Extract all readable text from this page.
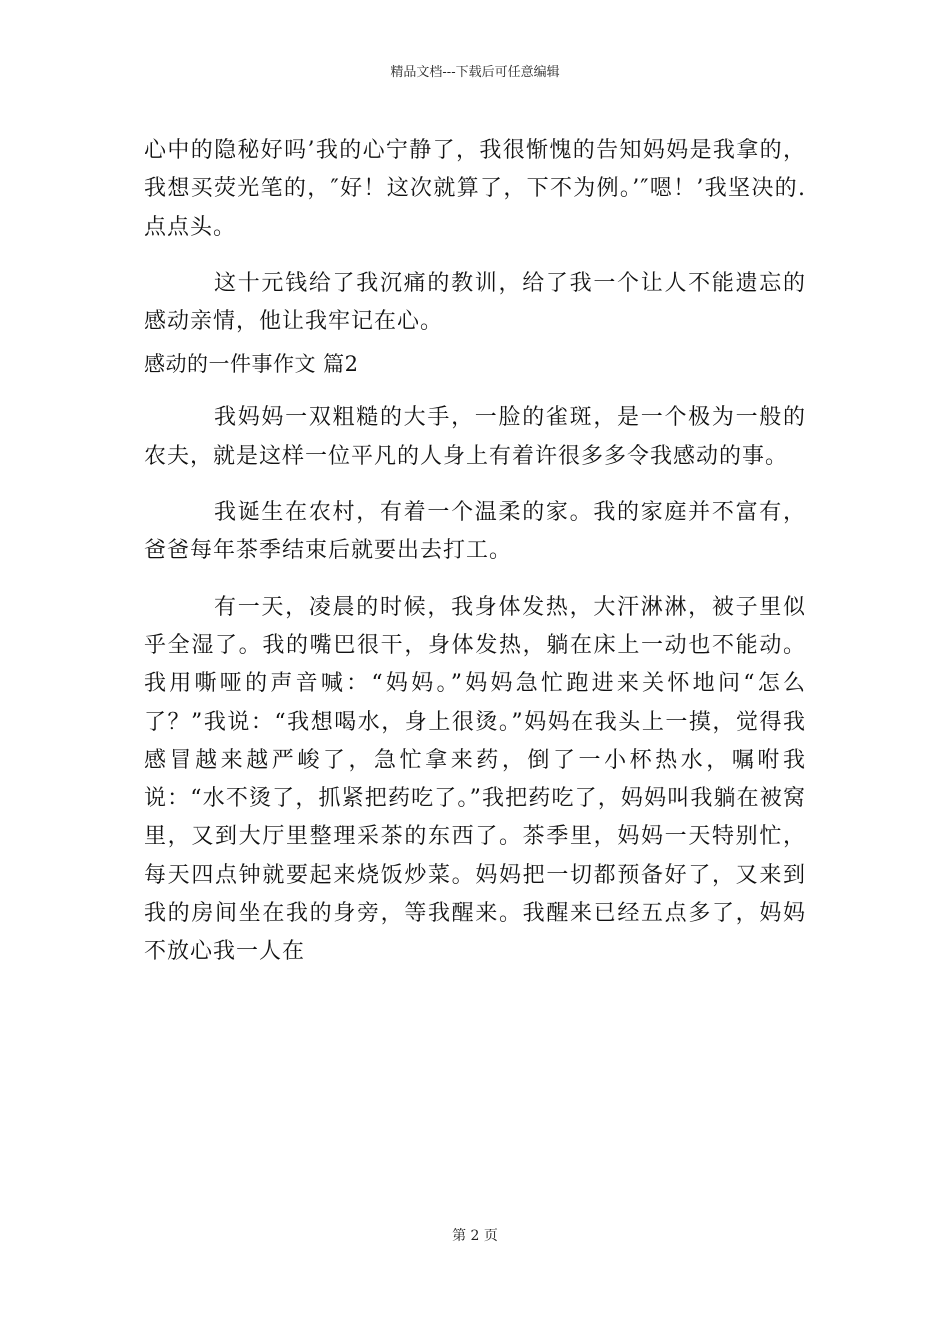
精品文档---下载后可任意编辑

心中的隐秘好吗’我的心宁静了，我很惭愧的告知妈妈是我拿的，我想买荧光笔的，″好！这次就算了，下不为例。’″嗯！’我坚决的.点点头。

这十元钱给了我沉痛的教训，给了我一个让人不能遗忘的感动亲情，他让我牢记在心。

感动的一件事作文 篇2

我妈妈一双粗糙的大手，一脸的雀斑，是一个极为一般的农夫，就是这样一位平凡的人身上有着许很多多令我感动的事。

我诞生在农村，有着一个温柔的家。我的家庭并不富有，爸爸每年茶季结束后就要出去打工。

有一天，凌晨的时候，我身体发热，大汗淋淋，被子里似乎全湿了。我的嘴巴很干，身体发热，躺在床上一动也不能动。我用嘶哑的声音喊：“妈妈。”妈妈急忙跑进来关怀地问“怎么了？”我说：“我想喝水，身上很烫。”妈妈在我头上一摸，觉得我感冒越来越严峻了，急忙拿来药，倒了一小杯热水，嘱咐我说：“水不烫了，抓紧把药吃了。”我把药吃了，妈妈叫我躺在被窝里，又到大厅里整理采茶的东西了。茶季里，妈妈一天特别忙，每天四点钟就要起来烧饭炒菜。妈妈把一切都预备好了，又来到我的房间坐在我的身旁，等我醒来。我醒来已经五点多了，妈妈不放心我一人在

第 2 页
